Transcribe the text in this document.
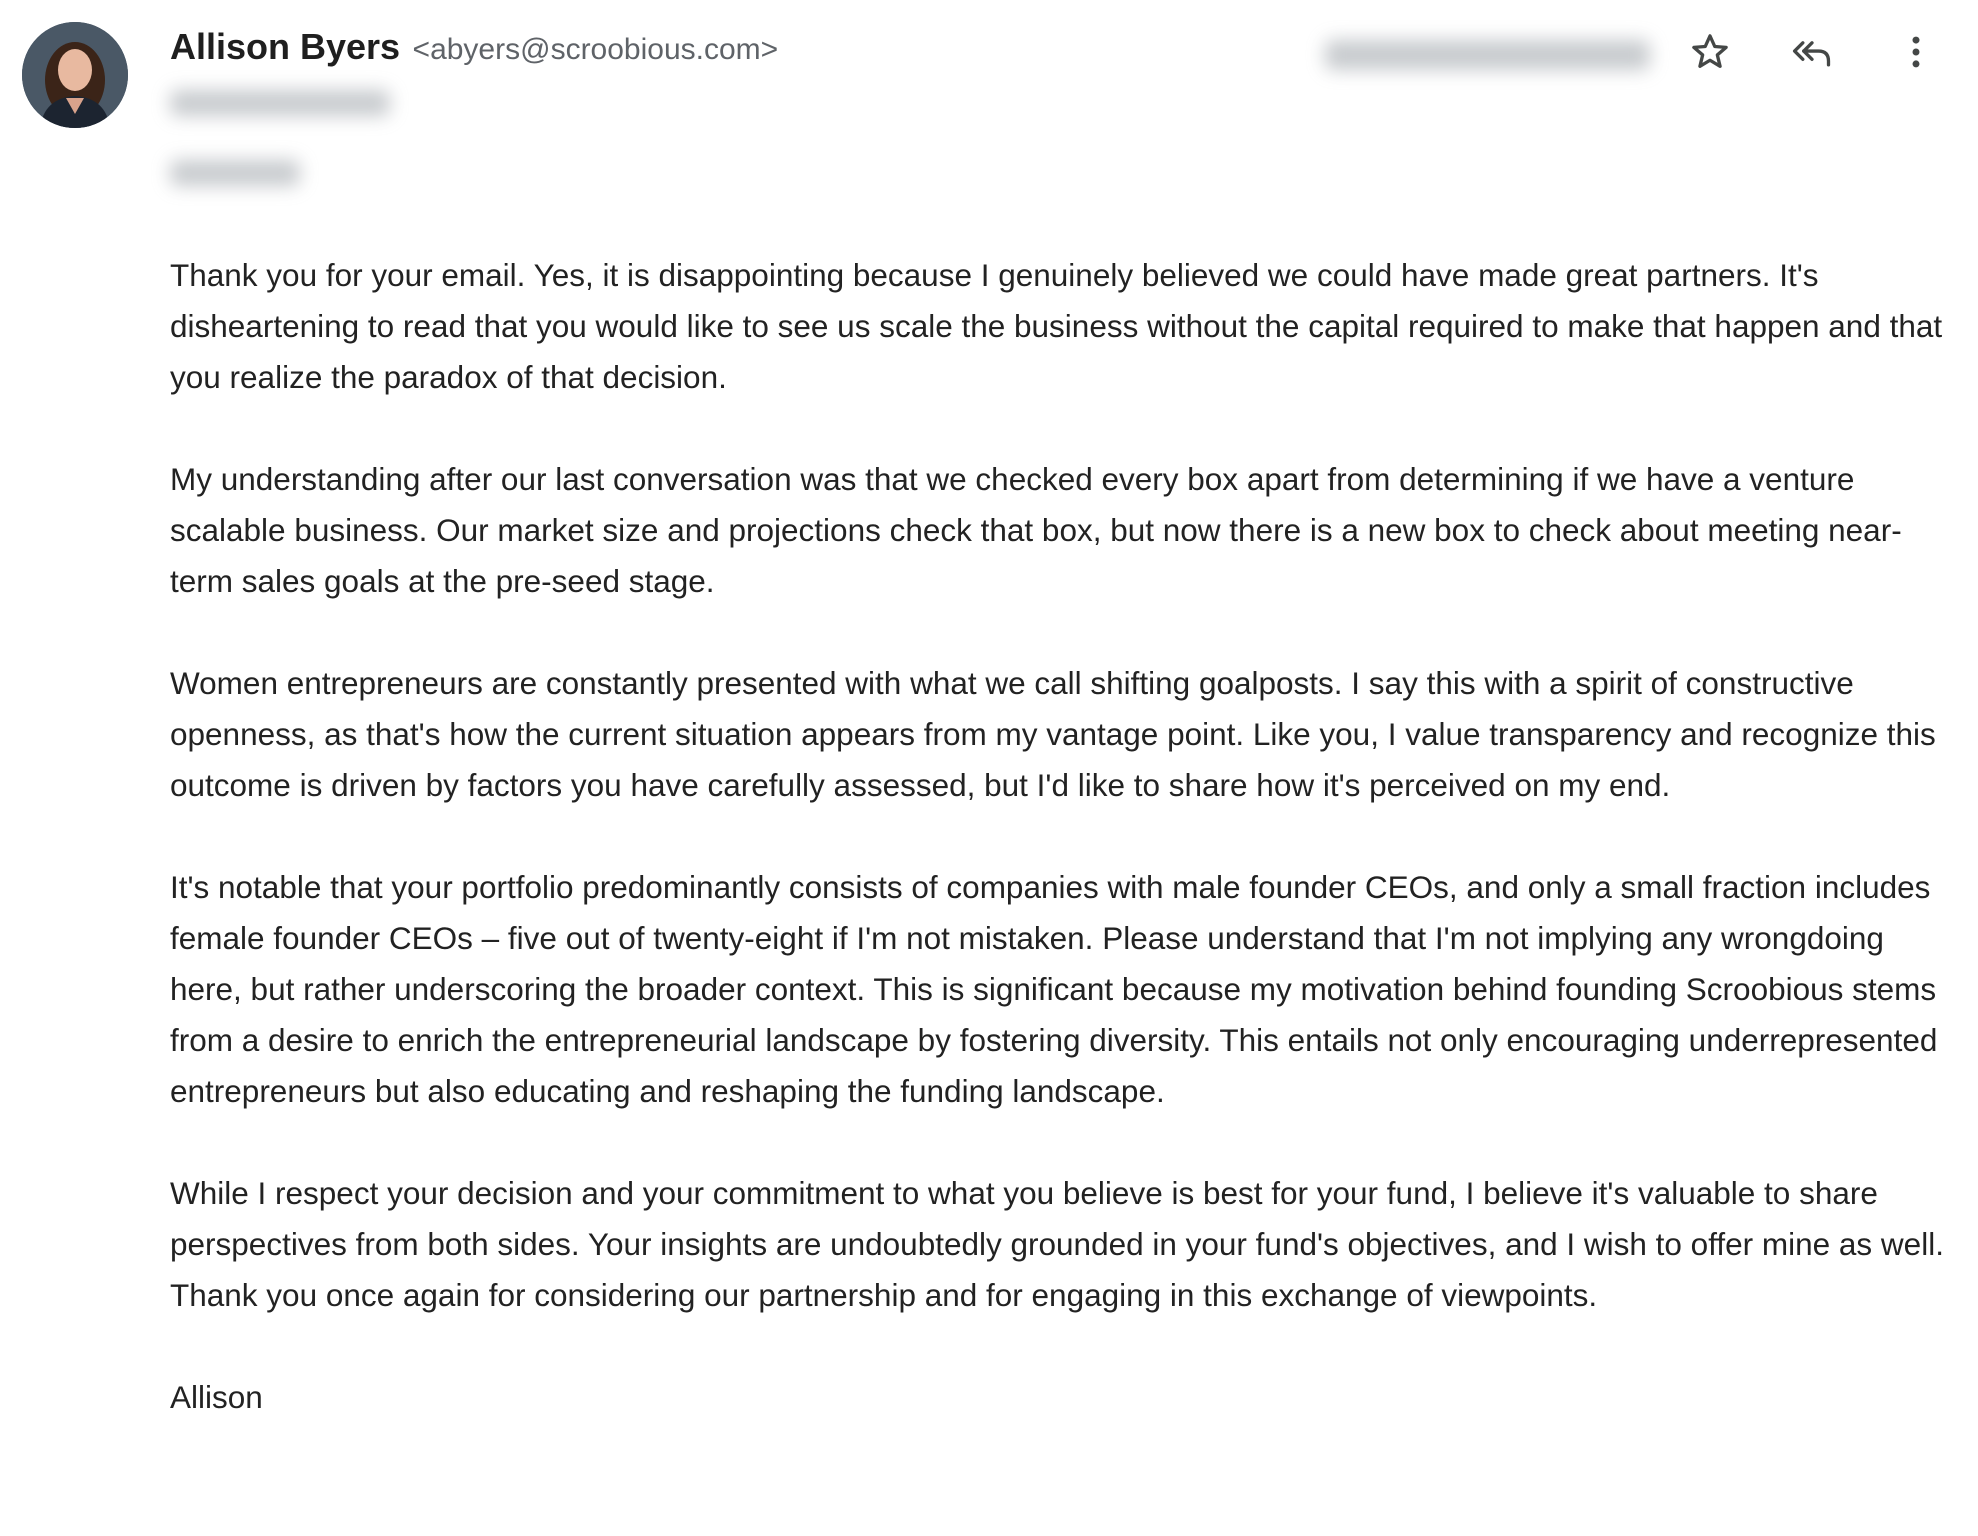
Allison Byers <abyers@scroobious.com>

Thank you for your email. Yes, it is disappointing because I genuinely believed we could have made great partners. It's disheartening to read that you would like to see us scale the business without the capital required to make that happen and that you realize the paradox of that decision.

My understanding after our last conversation was that we checked every box apart from determining if we have a venture scalable business. Our market size and projections check that box, but now there is a new box to check about meeting near-term sales goals at the pre-seed stage.

Women entrepreneurs are constantly presented with what we call shifting goalposts. I say this with a spirit of constructive openness, as that's how the current situation appears from my vantage point. Like you, I value transparency and recognize this outcome is driven by factors you have carefully assessed, but I'd like to share how it's perceived on my end.

It's notable that your portfolio predominantly consists of companies with male founder CEOs, and only a small fraction includes female founder CEOs – five out of twenty-eight if I'm not mistaken. Please understand that I'm not implying any wrongdoing here, but rather underscoring the broader context. This is significant because my motivation behind founding Scroobious stems from a desire to enrich the entrepreneurial landscape by fostering diversity. This entails not only encouraging underrepresented entrepreneurs but also educating and reshaping the funding landscape.

While I respect your decision and your commitment to what you believe is best for your fund, I believe it's valuable to share perspectives from both sides. Your insights are undoubtedly grounded in your fund's objectives, and I wish to offer mine as well. Thank you once again for considering our partnership and for engaging in this exchange of viewpoints.

Allison
